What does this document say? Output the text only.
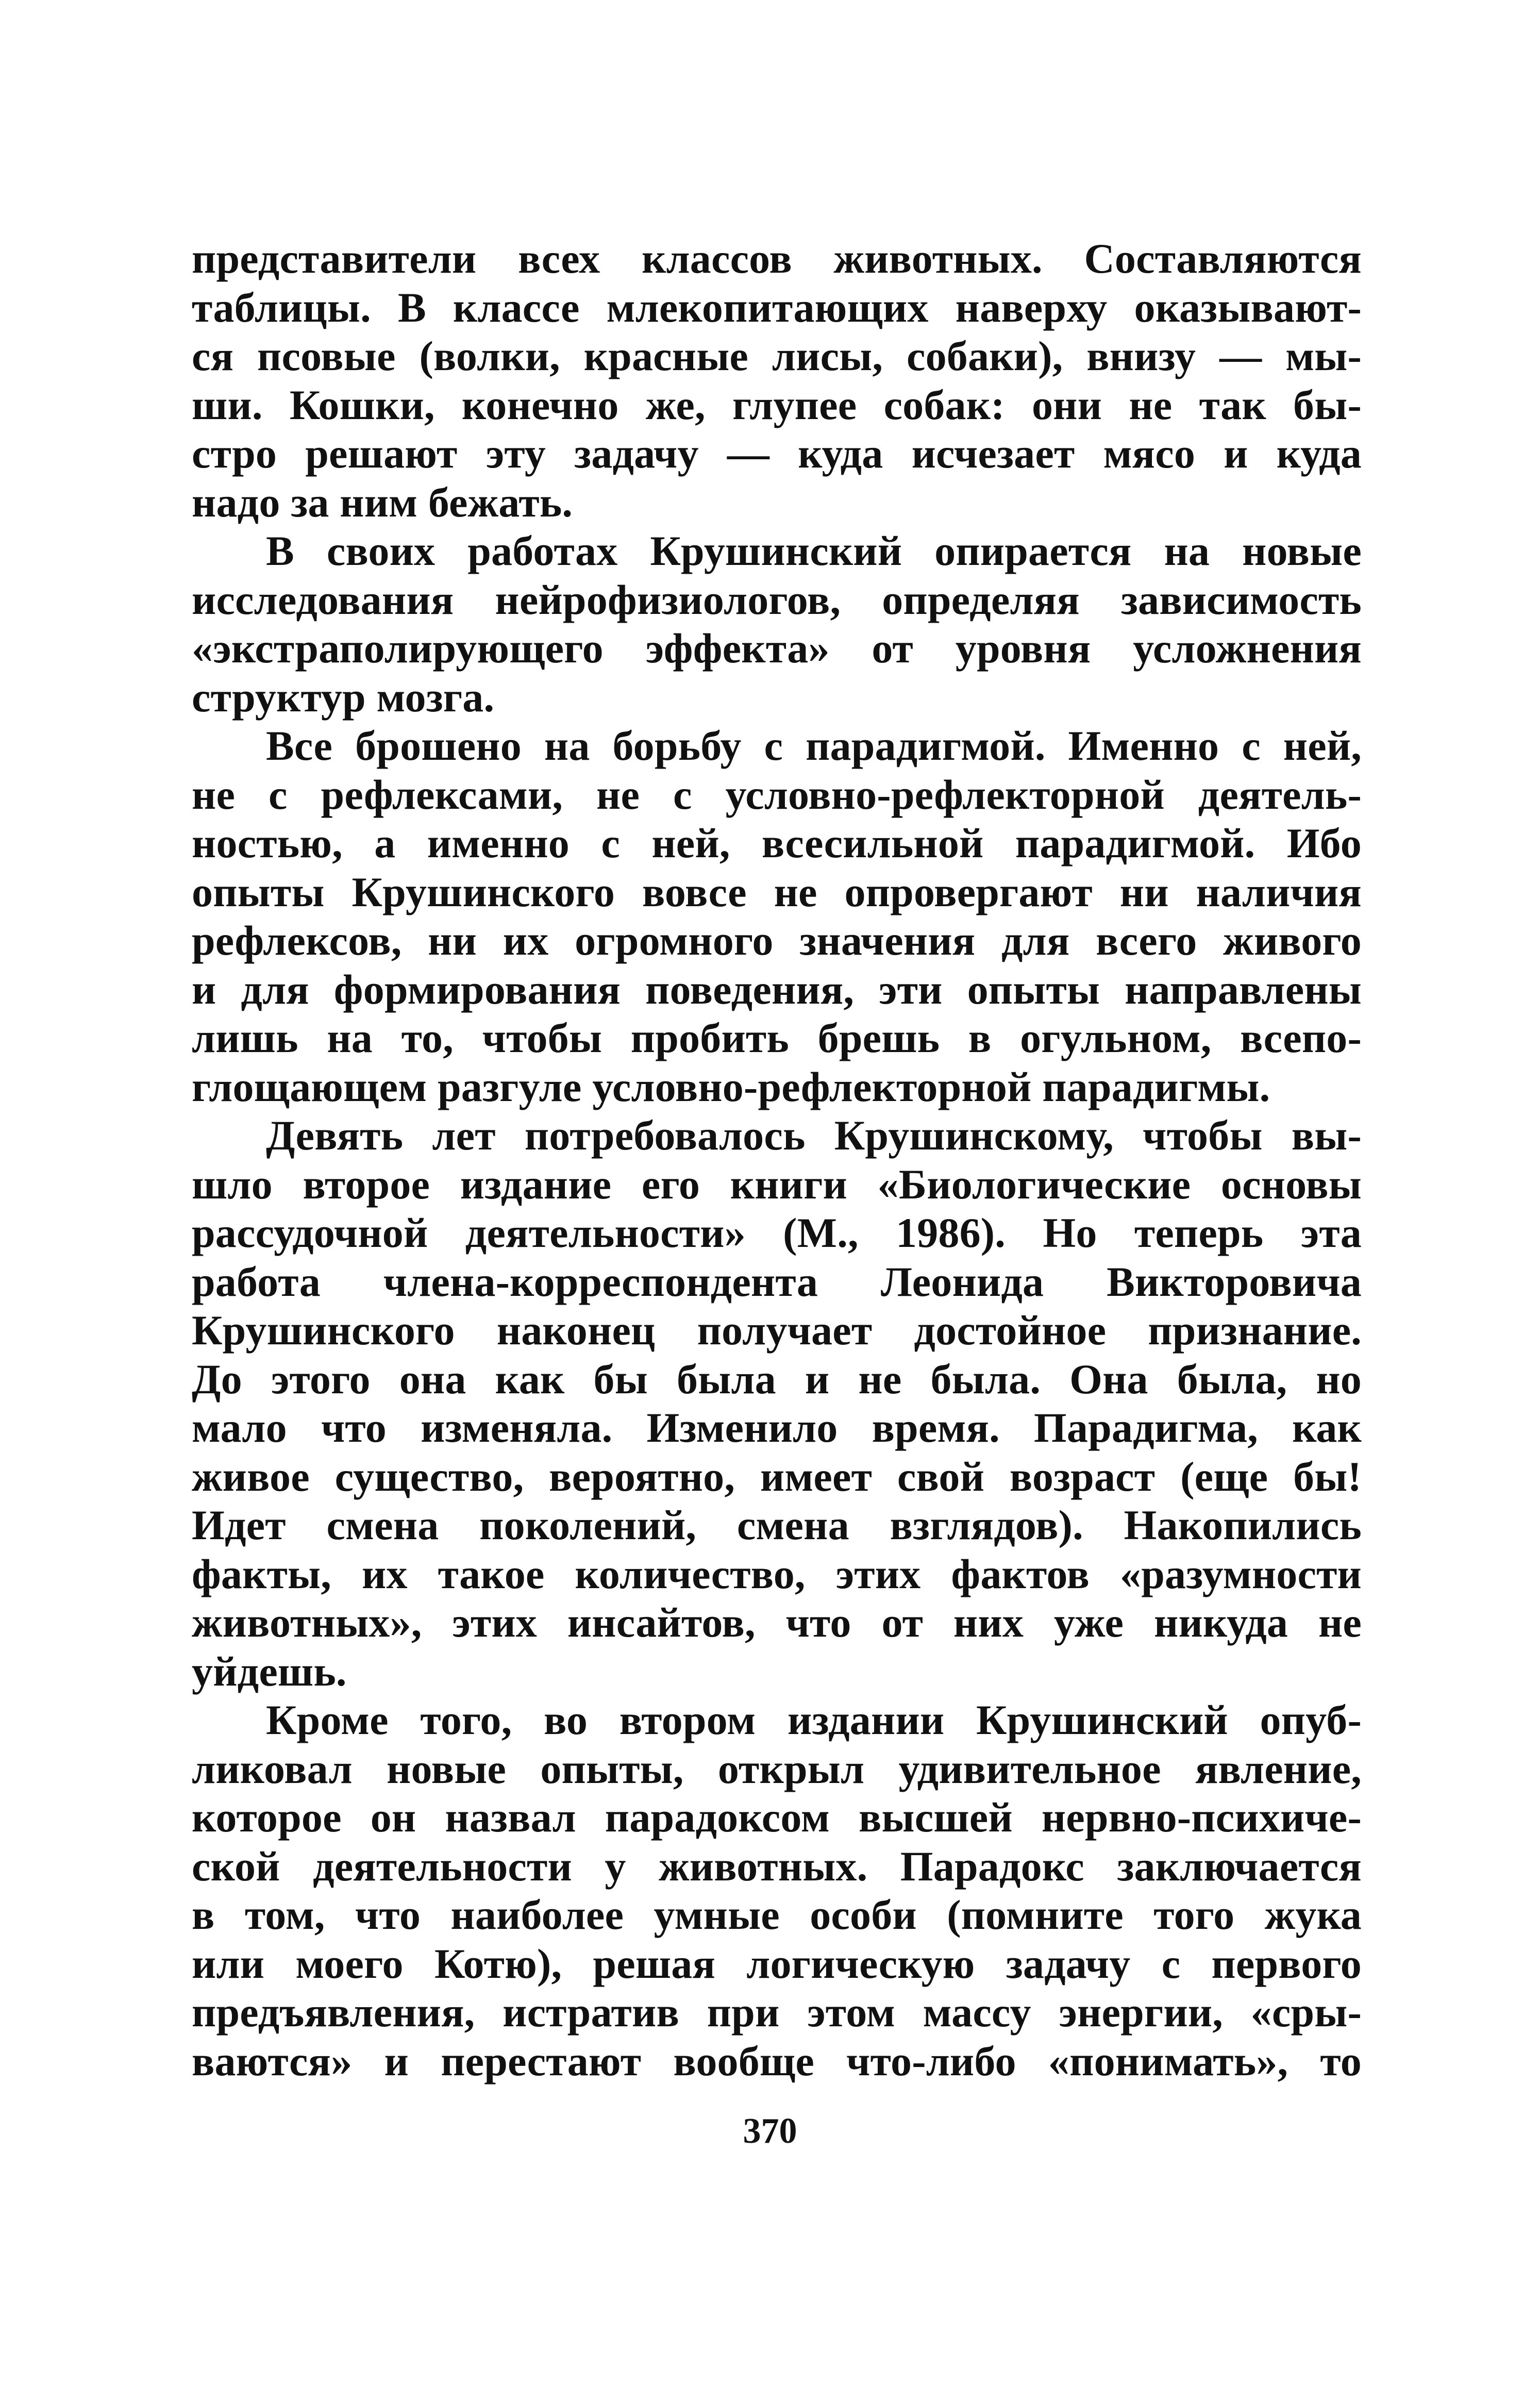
представители всех классов животных. Составляются
таблицы. В классе млекопитающих наверху оказывают-
ся псовые (волки, красные лисы, собаки), внизу — мы-
ши. Кошки, конечно же, глупее собак: они не так бы-
стро решают эту задачу — куда исчезает мясо и куда
надо за ним бежать.
В своих работах Крушинский опирается на новые
исследования нейрофизиологов, определяя зависимость
«экстраполирующего эффекта» от уровня усложнения
структур мозга.
Все брошено на борьбу с парадигмой. Именно с ней,
не с рефлексами, не с условно-рефлекторной деятель-
ностью, а именно с ней, всесильной парадигмой. Ибо
опыты Крушинского вовсе не опровергают ни наличия
рефлексов, ни их огромного значения для всего живого
и для формирования поведения, эти опыты направлены
лишь на то, чтобы пробить брешь в огульном, всепо-
глощающем разгуле условно-рефлекторной парадигмы.
Девять лет потребовалось Крушинскому, чтобы вы-
шло второе издание его книги «Биологические основы
рассудочной деятельности» (М., 1986). Но теперь эта
работа члена-корреспондента Леонида Викторовича
Крушинского наконец получает достойное признание.
До этого она как бы была и не была. Она была, но
мало что изменяла. Изменило время. Парадигма, как
живое существо, вероятно, имеет свой возраст (еще бы!
Идет смена поколений, смена взглядов). Накопились
факты, их такое количество, этих фактов «разумности
животных», этих инсайтов, что от них уже никуда не
уйдешь.
Кроме того, во втором издании Крушинский опуб-
ликовал новые опыты, открыл удивительное явление,
которое он назвал парадоксом высшей нервно-психиче-
ской деятельности у животных. Парадокс заключается
в том, что наиболее умные особи (помните того жука
или моего Котю), решая логическую задачу с первого
предъявления, истратив при этом массу энергии, «сры-
ваются» и перестают вообще что-либо «понимать», то
370
